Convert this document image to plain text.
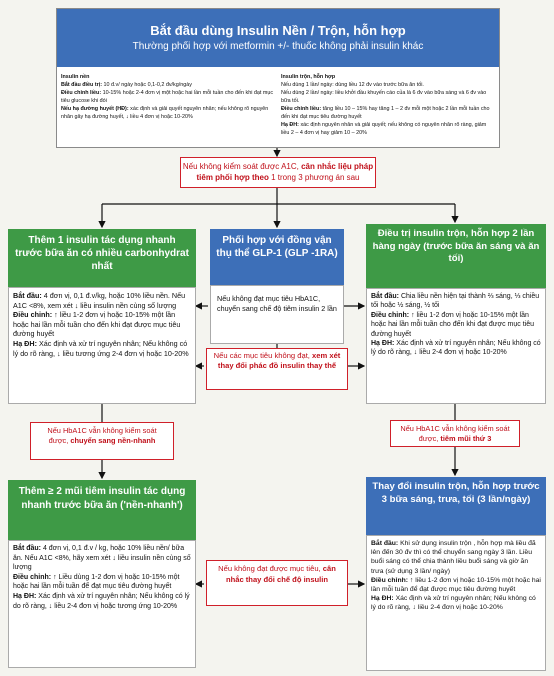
Bắt đầu dùng Insulin Nền / Trộn, hỗn hợp
Thường phối hợp với metformin +/- thuốc không phải insulin khác
Insulin nền
Bắt đầu điều trị: 10 đ.v/ ngày hoặc 0,1-0,2 đv/kg/ngày
Điều chỉnh liều: 10-15% hoặc 2-4 đơn vị một hoặc hai lần mỗi tuần cho đến khi đạt mục tiêu glucose khi đói
Nếu hạ đường huyết (HĐ): xác định và giải quyết nguyên nhân; nếu không rõ nguyên nhân gây hạ đường huyết, ↓ liều 4 đơn vị hoặc 10-20%
Insulin trộn, hỗn hợp
Nếu dùng 1 lần/ ngày: dùng liều 12 đv vào trước bữa ăn tối.
Nếu dùng 2 lần/ ngày: liều khởi đầu khuyến cáo của là 6 đv vào bữa sáng và 6 đv vào bữa tối.
Điều chỉnh liều: tăng liều 10 – 15% hay tăng 1 – 2 đv mỗi một hoặc 2 lần mỗi tuần cho đến khi đạt mục tiêu đường huyết
Hạ ĐH: xác định nguyên nhân và giải quyết; nếu không có nguyên nhân rõ ràng, giảm liều 2 – 4 đơn vị hay giảm 10 – 20%
Nếu không kiểm soát được A1C, cân nhắc liệu pháp
tiêm phối hợp theo 1 trong 3 phương án sau
Thêm 1 insulin tác dụng nhanh trước bữa ăn có nhiều carbonhydrat nhất
Bắt đầu: 4 đơn vị, 0,1 đ.v/kg, hoặc 10% liều nền. Nếu A1C <8%, xem xét ↓ liều insulin nền cùng số lượng
Điều chỉnh: ↑ liều 1-2 đơn vị hoặc 10-15% một lần hoặc hai lần mỗi tuần cho đến khi đạt được mục tiêu đường huyết
Hạ ĐH: Xác định và xử trí nguyên nhân; Nếu không có lý do rõ ràng, ↓ liều tương ứng 2-4 đơn vị hoặc 10-20%
Phối hợp với đồng vận thụ thể GLP-1 (GLP -1RA)
Nếu không đạt mục tiêu HbA1C, chuyển sang chế độ tiêm insulin 2 lần
Điều trị insulin trộn, hỗn hợp 2 lần hàng ngày (trước bữa ăn sáng và ăn tối)
Bắt đầu: Chia liều nền hiện tại thành ⅔ sáng, ⅓ chiều tối hoặc ½ sáng, ½ tối
Điều chỉnh: ↑ liều 1-2 đơn vị hoặc 10-15% một lần hoặc hai lần mỗi tuần cho đến khi đạt được mục tiêu đường huyết
Hạ ĐH: Xác định và xử trí nguyên nhân; Nếu không có lý do rõ ràng, ↓ liều 2-4 đơn vị hoặc 10-20%
Nếu các mục tiêu không đạt, xem xét thay đổi phác đồ insulin thay thế
Nếu HbA1C vẫn không kiểm soát được, chuyển sang nền-nhanh
Nếu HbA1C vẫn không kiểm soát được, tiêm mũi thứ 3
Thêm ≥ 2 mũi tiêm insulin tác dụng nhanh trước bữa ăn ('nền-nhanh')
Bắt đầu: 4 đơn vị, 0,1 đ.v / kg, hoặc 10% liều nền/ bữa ăn. Nếu A1C <8%, hãy xem xét ↓ liều insulin nền cùng số lượng
Điều chỉnh: ↑ Liều dùng 1-2 đơn vị hoặc 10-15% một hoặc hai lần mỗi tuần để đạt mục tiêu đường huyết
Hạ ĐH: Xác định và xử trí nguyên nhân; Nếu không có lý do rõ ràng, ↓ liều 2-4 đơn vị hoặc tương ứng 10-20%
Nếu không đạt được mục tiêu, cân nhắc thay đổi chế độ insulin
Thay đổi insulin trộn, hỗn hợp trước 3 bữa sáng, trưa, tối (3 lần/ngày)
Bắt đầu: Khi sử dụng insulin trộn , hỗn hợp mà liều đã lên đến 30 đv thì có thể chuyển sang ngày 3 lần. Liều buổi sáng có thể chia thành liều buổi sáng và giờ ăn trưa (sử dụng 3 lần/ ngày)
Điều chỉnh: ↑ liều 1-2 đơn vị hoặc 10-15% một hoặc hai lần mỗi tuần để đạt được mục tiêu đường huyết
Hạ ĐH: Xác định và xử trí nguyên nhân; Nếu không có lý do rõ ràng, ↓ liều 2-4 đơn vị hoặc 10-20%
